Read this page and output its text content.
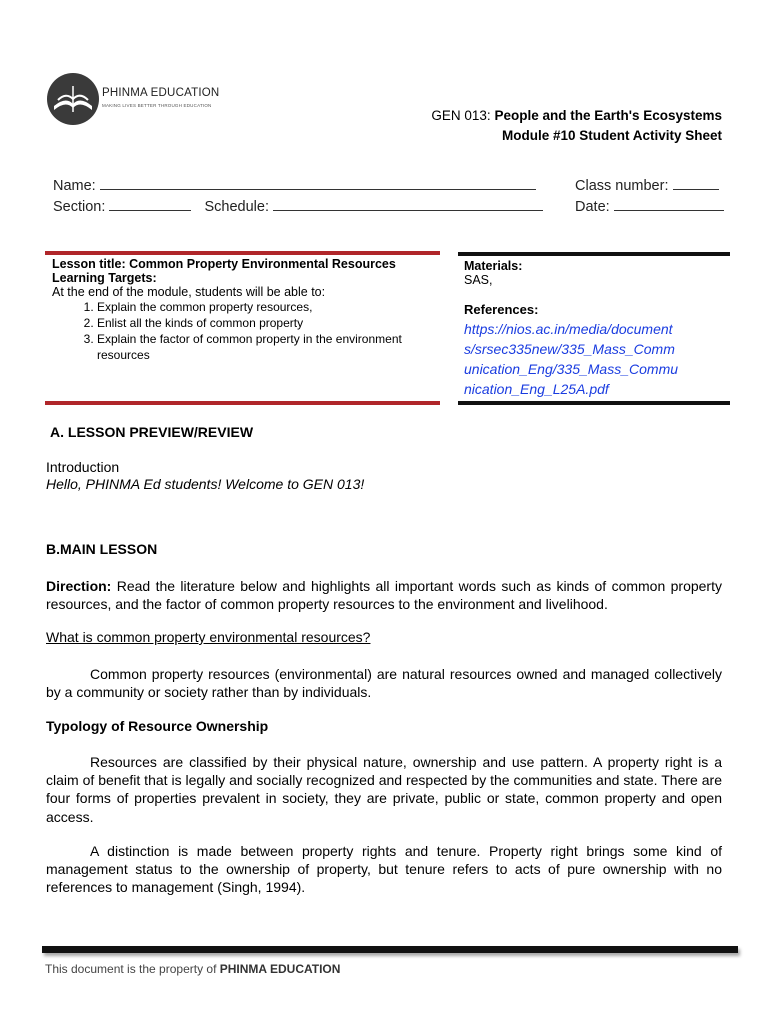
PHINMA EDUCATION
MAKING LIVES BETTER THROUGH EDUCATION
GEN 013: People and the Earth's Ecosystems
Module #10 Student Activity Sheet
Name:	Class number:
Section:	Schedule:	Date:
Lesson title: Common Property Environmental Resources
Learning Targets:
At the end of the module, students will be able to:
1. Explain the common property resources,
2. Enlist all the kinds of common property
3. Explain the factor of common property in the environment resources
Materials:
SAS,
References:
https://nios.ac.in/media/documents/srsec335new/335_Mass_Communication_Eng/335_Mass_Communication_Eng_L25A.pdf
A. LESSON PREVIEW/REVIEW
Introduction
Hello, PHINMA Ed students! Welcome to GEN 013!
B.MAIN LESSON
Direction: Read the literature below and highlights all important words such as kinds of common property resources, and the factor of common property resources to the environment and livelihood.
What is common property environmental resources?
Common property resources (environmental) are natural resources owned and managed collectively by a community or society rather than by individuals.
Typology of Resource Ownership
Resources are classified by their physical nature, ownership and use pattern. A property right is a claim of benefit that is legally and socially recognized and respected by the communities and state. There are four forms of properties prevalent in society, they are private, public or state, common property and open access.
A distinction is made between property rights and tenure. Property right brings some kind of management status to the ownership of property, but tenure refers to acts of pure ownership with no references to management (Singh, 1994).
This document is the property of PHINMA EDUCATION
